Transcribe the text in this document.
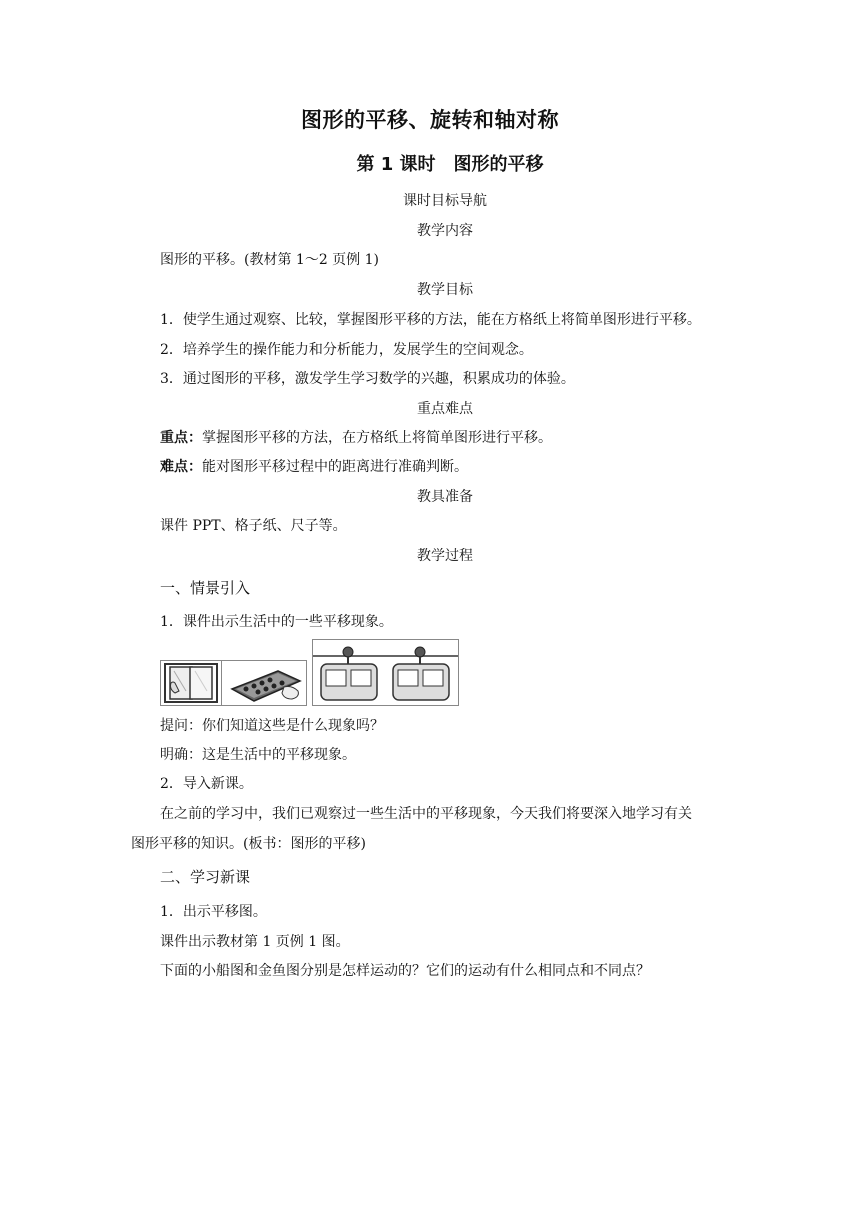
图形的平移、旋转和轴对称
第 1 课时　图形的平移
课时目标导航
教学内容
图形的平移。(教材第 1～2 页例 1)
教学目标
1．使学生通过观察、比较，掌握图形平移的方法，能在方格纸上将简单图形进行平移。
2．培养学生的操作能力和分析能力，发展学生的空间观念。
3．通过图形的平移，激发学生学习数学的兴趣，积累成功的体验。
重点难点
重点：掌握图形平移的方法，在方格纸上将简单图形进行平移。
难点：能对图形平移过程中的距离进行准确判断。
教具准备
课件 PPT、格子纸、尺子等。
教学过程
一、情景引入
1．课件出示生活中的一些平移现象。
提问：你们知道这些是什么现象吗？
明确：这是生活中的平移现象。
2．导入新课。
在之前的学习中，我们已观察过一些生活中的平移现象，今天我们将要深入地学习有关
图形平移的知识。(板书：图形的平移)
二、学习新课
1．出示平移图。
课件出示教材第 1 页例 1 图。
下面的小船图和金鱼图分别是怎样运动的？它们的运动有什么相同点和不同点？
